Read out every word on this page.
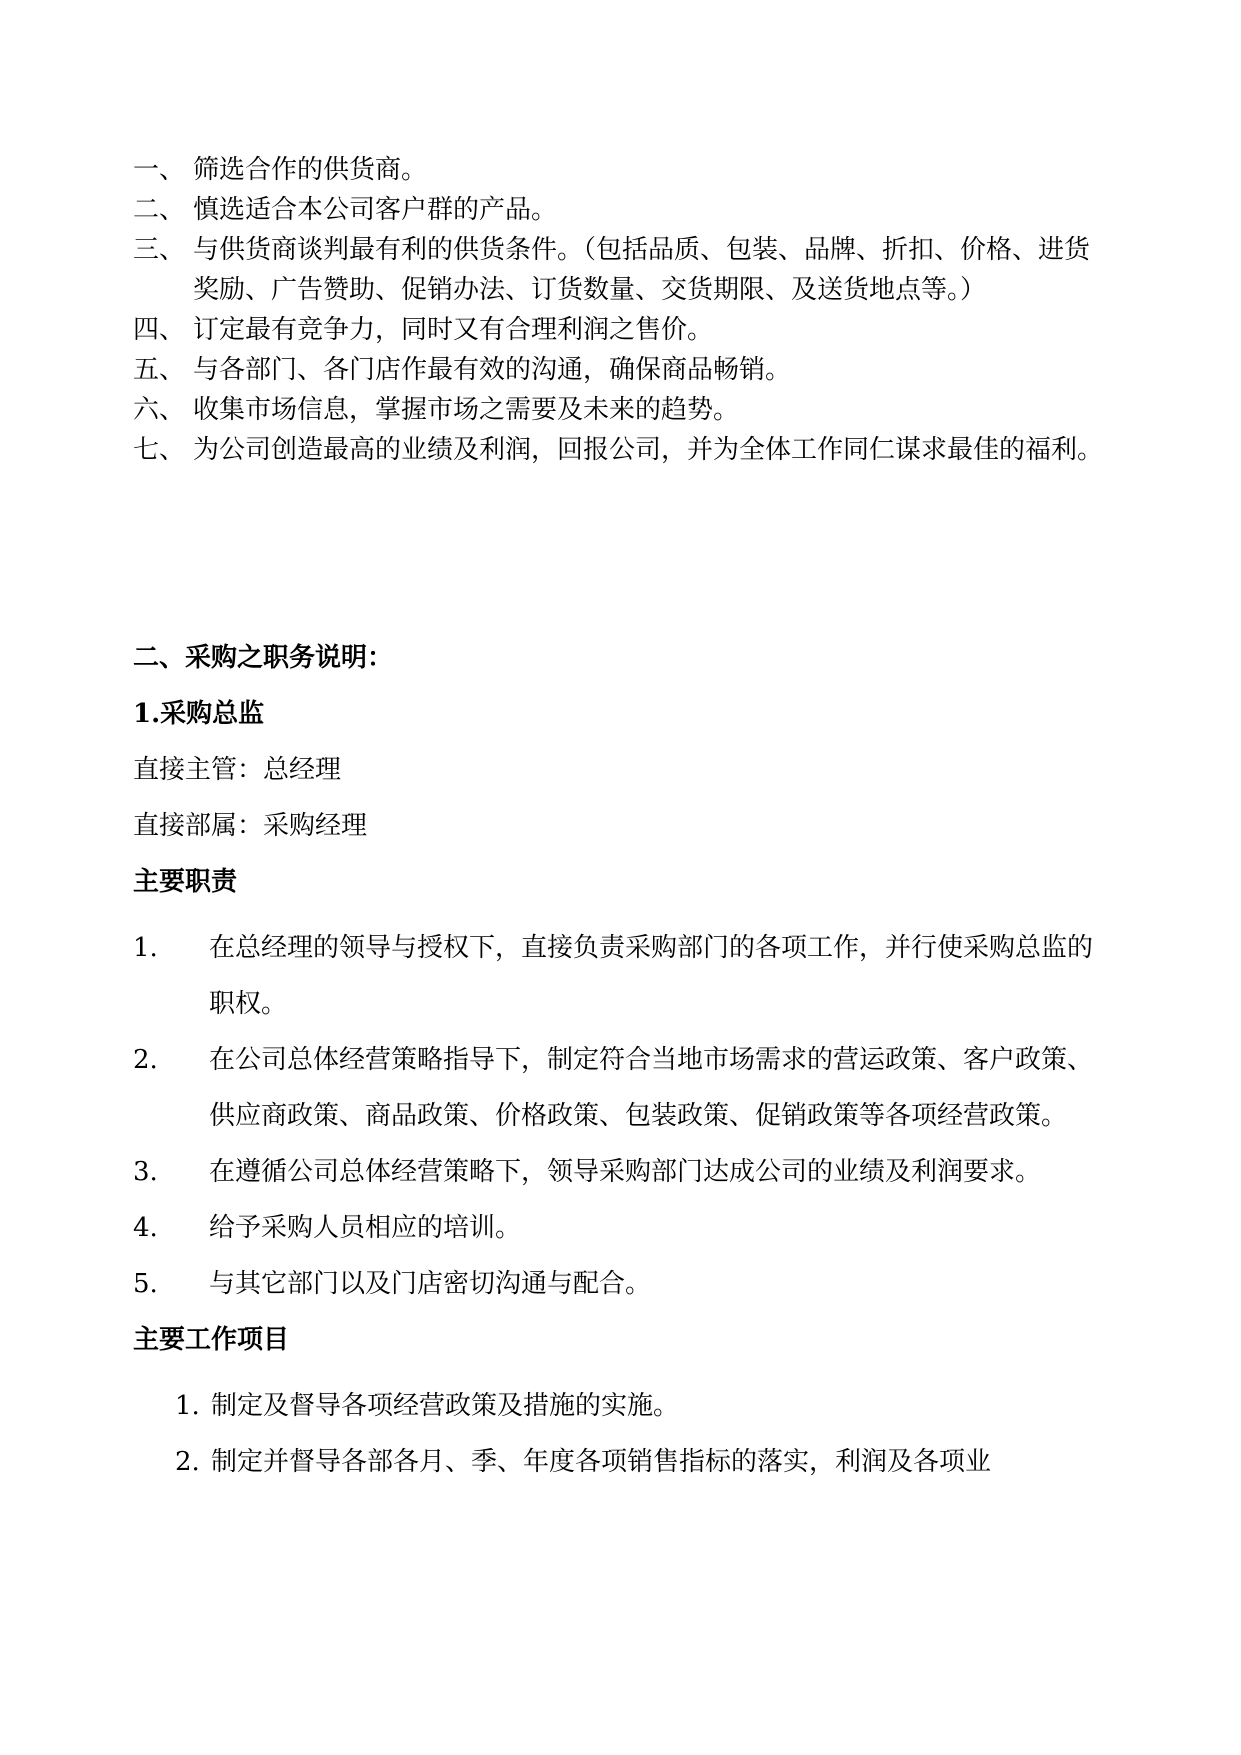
一、 筛选合作的供货商。
二、 慎选适合本公司客户群的产品。
三、 与供货商谈判最有利的供货条件。（包括品质、包装、品牌、折扣、价格、进货奖励、广告赞助、促销办法、订货数量、交货期限、及送货地点等。）
四、 订定最有竞争力，同时又有合理利润之售价。
五、 与各部门、各门店作最有效的沟通，确保商品畅销。
六、 收集市场信息，掌握市场之需要及未来的趋势。
七、 为公司创造最高的业绩及利润，回报公司，并为全体工作同仁谋求最佳的福利。
二、采购之职务说明：
1.采购总监
直接主管：总经理
直接部属：采购经理
主要职责
1.	在总经理的领导与授权下，直接负责采购部门的各项工作，并行使采购总监的职权。
2.	在公司总体经营策略指导下，制定符合当地市场需求的营运政策、客户政策、供应商政策、商品政策、价格政策、包装政策、促销政策等各项经营政策。
3.	在遵循公司总体经营策略下，领导采购部门达成公司的业绩及利润要求。
4.	给予采购人员相应的培训。
5.	与其它部门以及门店密切沟通与配合。
主要工作项目
1. 制定及督导各项经营政策及措施的实施。
2. 制定并督导各部各月、季、年度各项销售指标的落实，利润及各项业
